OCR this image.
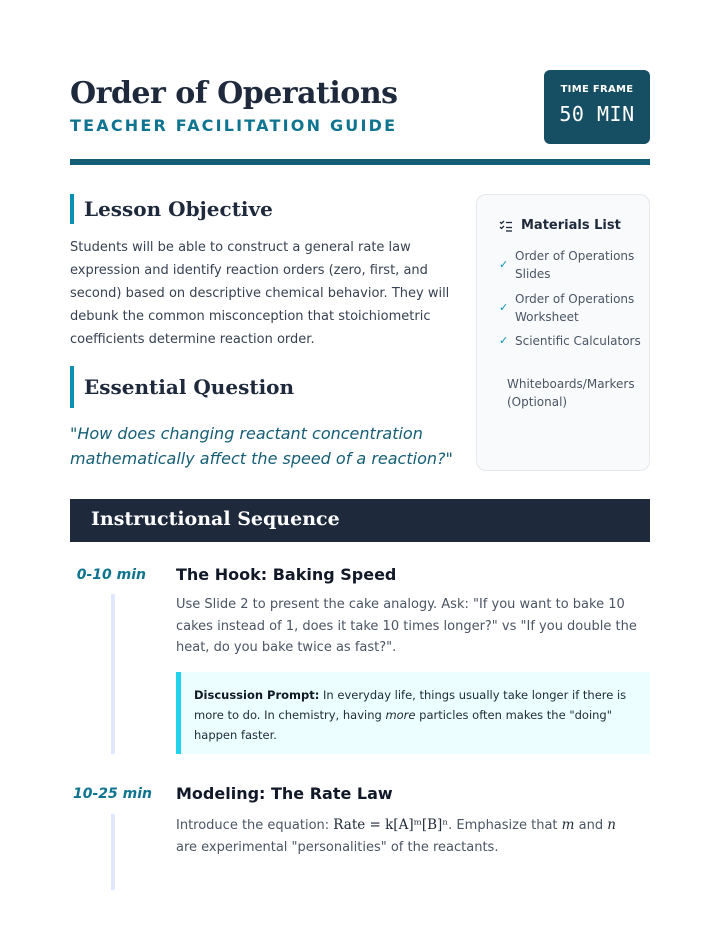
Order of Operations
TEACHER FACILITATION GUIDE
TIME FRAME
50 MIN
Lesson Objective

Students will be able to construct a general rate law expression and identify reaction orders (zero, first, and second) based on descriptive chemical behavior. They will debunk the common misconception that stoichiometric coefficients determine reaction order.

Essential Question

"How does changing reactant concentration mathematically affect the speed of a reaction?"

Materials List
✓
Order of Operations Slides
✓
Order of Operations Worksheet
✓ Scientific Calculators
Whiteboards/Markers (Optional)
Instructional Sequence
0-10 min The Hook: Baking Speed

Use Slide 2 to present the cake analogy. Ask: "If you want to bake 10 cakes instead of 1, does it take 10 times longer?" vs "If you double the heat, do you bake twice as fast?".

Discussion Prompt: In everyday life, things usually take longer if there is more to do. In chemistry, having more particles often makes the "doing" happen faster.
10-25 min Modeling: The Rate Law

Introduce the equation: Rate = k[A]ᵐ[B]ⁿ. Emphasize that m and n are experimental "personalities" of the reactants.
